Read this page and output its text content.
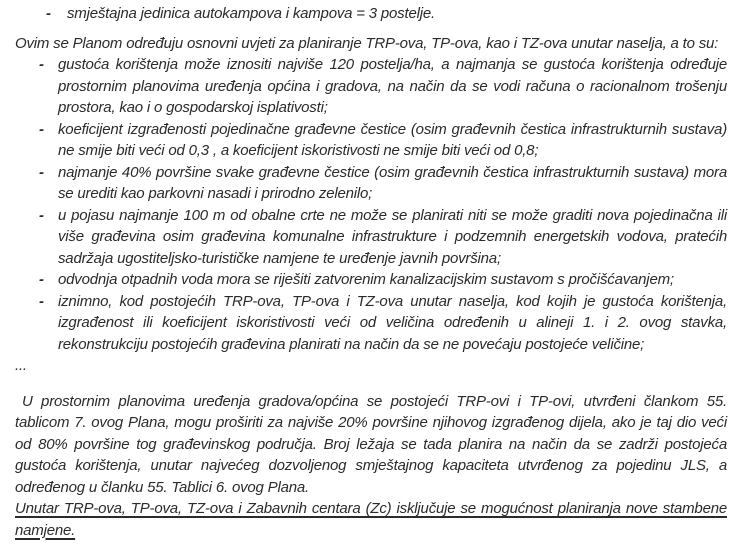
- smještajna jedinica autokampova i kampova = 3 postelje.

Ovim se Planom određuju osnovni uvjeti za planiranje TRP-ova, TP-ova, kao i TZ-ova unutar naselja, a to su:

- gustoća korištenja može iznositi najviše 120 postelja/ha, a najmanja se gustoća korištenja određuje prostornim planovima uređenja općina i gradova, na način da se vodi računa o racionalnom trošenju prostora, kao i o gospodarskoj isplativosti;
- koeficijent izgrađenosti pojedinačne građevne čestice (osim građevnih čestica infrastrukturnih sustava) ne smije biti veći od 0,3 , a koeficijent iskoristivosti ne smije biti veći od 0,8;
- najmanje 40% površine svake građevne čestice (osim građevnih čestica infrastrukturnih sustava) mora se urediti kao parkovni nasadi i prirodno zelenilo;
- u pojasu najmanje 100 m od obalne crte ne može se planirati niti se može graditi nova pojedinačna ili više građevina osim građevina komunalne infrastrukture i podzemnih energetskih vodova, pratećih sadržaja ugostiteljsko-turističke namjene te uređenje javnih površina;
- odvodnja otpadnih voda mora se riješiti zatvorenim kanalizacijskim sustavom s pročišćavanjem;
- iznimno, kod postojećih TRP-ova, TP-ova i TZ-ova unutar naselja, kod kojih je gustoća korištenja, izgrađenost ili koeficijent iskoristivosti veći od veličina određenih u alineji 1. i 2. ovog stavka, rekonstrukciju postojećih građevina planirati na način da se ne povećaju postojeće veličine;

...

U prostornim planovima uređenja gradova/općina se postojeći TRP-ovi i TP-ovi, utvrđeni člankom 55. tablicom 7. ovog Plana, mogu proširiti za najviše 20% površine njihovog izgrađenog dijela, ako je taj dio veći od 80% površine tog građevinskog područja. Broj ležaja se tada planira na način da se zadrži postojeća gustoća korištenja, unutar najvećeg dozvoljenog smještajnog kapaciteta utvrđenog za pojedinu JLS, a određenog u članku 55. Tablici 6. ovog Plana.

Unutar TRP-ova, TP-ova, TZ-ova i Zabavnih centara (Zc) isključuje se mogućnost planiranja nove stambene namjene.
